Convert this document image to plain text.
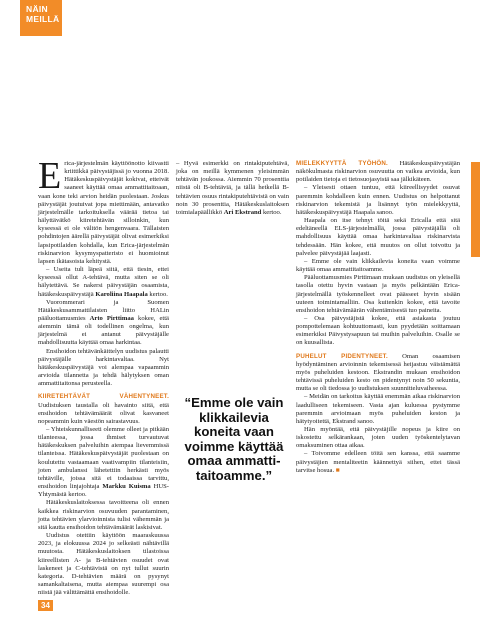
NÄIN
MEILLÄ

Erica-järjestelmän käyttöönotto kiivastti kriittikkä päivystäjissä jo vuonna 2018. Hätäkeskuspäivystäjät kokivat, etteivät saaneet käyttää omaa ammattitaitoaan, vaan kone teki arvion heidän puolestaan. Joskus päivystäjät joutuivat jopa miettimään, antavatko järjestelmälle tarkoituksella väärää tietoa tai hälyttävätkö kiiretehtävän silloinkin, kun kyseessä ei ole välitön hengenvaara. Tällaisten pohdintojen äärellä päivystäjät olivat esimerkiksi lapsipotilaiden kohdalla, kun Erica-järjestelmän riskinarvion kysymyspatteristo ei huomioinut lapsen ikätasoista kehitystä.

– Useita tuli läpeä siitä, että tiesin, ettei kyseessä ollut A-tehtävä, mutta siten se oli hälytettävä. Se nakersi päivystäjän osaamista, hätäkeskuspäivystäjä Karoliina Haapala kertoo.

Vuorommerari ja Suomen Hätäkeskusammattilaisten liitto HALin pääluottamusmies Arto Pirttimaa kokee, että aiemmin tämä oli todellinen ongelma, kun järjestelmä ei antanut päivystäjälle mahdollisuutta käyttää omaa harkintaa.

Ensihoidon tehtävänkäittelyn uudistus palautti päivystäjälle harkintavaltaa. Nyt hätäkeskuspäivystäjä voi alempaa vapaammin arvioida tilannetta ja tehdä hälytyksen oman ammattitaitonsa perusteella.

KIIRETEHTÄVÄT VÄHENTYNEET. Uudistuksen taustalla oli havainto siitä, että ensihoidon tehtävämäärät olivat kasvaneet nopeammin kuin väestön sairastavuus.

– Yhteiskunnalliseeti olemme olleet ja pitkään tilanteessa, jossa ihmiset turvautuvat hätäkeskuksen palveluihin aiempaa lievemmissä tilanteissa. Hätäkeskuspäivystäjät puolestaan on koulutettu vastaamaan vaativampiin tilanteisiin, joten ambulanssi lähetettiin herkästi myös tehtäville, joissa sitä ei todaaissa tarvittu, ensihoidon linjajohtaja Markku Kuisma HUS-Yhtymästä kertoo.

Hätäkeskuslaitoksessa tavoitteena oli ennen kaikkea riskinarvion osuvuuden parantaminen, jotta tehtävien ylarvioinnista tulisi vähemmän ja sitä kautta ensihoidon tehtävämäärät laskisivat.

Uudistus otettiin käyttöön maaraskuussa 2023, ja elokuussa 2024 jo selkeästi nähtävillä muutosta. Hätäkeskuslaitoksen tilastoissa kiireellisten A- ja B-tehtävien osuudet ovat laskeneet ja C-tehtävistä on nyt tullut suurin kategoria. D-tehtävien määrä on pysynyt samankaltaisena, mutta aiempaa suurempi osa niistä jää välittämättä ensihoidolle.

– Hyvä esimerkki on rintakiputehtävä, joka on meillä kymmenen yleisimmän tehtävän joukossa. Aiemmin 70 prosenttia niistä oli B-tehtäviä, ja tällä hetkellä B-tehtävien osuus rintakiputehtävistä on vain noin 30 prosenttia, Hätäkeskuslaitoksen toimialapäällikkö Ari Ekstrand kertoo.

MIELEKKYYTTÄ TYÖHÖN. Hätäkeskuspäivystäjän näkökulmasta riskinarvion osuvuutta on vaikea arvioida, kun potilaiden tietoja ei tietosuojasyistä saa jälkikäteen.

– Yleisesti ottaen tuntuu, että kiireellisyydet osuvat paremmin kohdalleen kuin ennen. Uudistus on helpottanut riskinarvion tekemistä ja lisännyt työn mielekkyyttä, hätäkeskuspäivystäjä Haapala sanoo.

Haapala on itse tehnyt töitä sekä Ericalla että sitä edeltäneellä ELS-järjestelmällä, jossa päivystäjällä oli mahdollisuus käyttää omaa harkintavaltaa riskinarvista tehdessään. Hän kokee, että muutos on ollut toivottu ja palvelee päivystäjää laajasti.

– Emme ole vain klikkailevia koneita vaan voimme käyttää omaa ammattitaitoamme.

Pääluottamusmies Pirttimaan mukaan uudistus on yleisellä tasolla otettu hyvin vastaan ja myös pelkäntään Erica-järjestelmällä työskennelleet ovat päässeet hyvin sisään uuteen toimintamalliin. Osa kuitenkin kokee, että tavoite ensihoidon tehtävämäärän vähentämisestä tuo paineita.

– Osa päivystäjistä kokee, että asiakasta joutuu pompottelemaan kohtuuttomasti, kun pyydetään soittamaan esimerkiksi Päivystysapuun tai muihin palveluihin. Osalle se on kuusallista.

PUHELUT PIDENTYNEET. Oman osaamisen hyödyntäminen arvioinnin tekemisessä heijastuu väistämättä myös puheluiden kestoon. Ekstrandin mukaan ensihoidon tehtävissä puheluiden kesto on pidentynyt noin 50 sekuntia, mutta se oli tiedossa jo uudistuksen suunnitteluvaiheessa.

– Meidän on tarkoitus käyttää enemmän aikaa riskinarvion laadulliseen tekemiseen. Vasta ajan kuluessa pystymme paremmin arvioimaan myös puheluiden keston ja hätytyoitettä, Ekstrand sanoo.

Hän myöntää, että päivystäjille nopeus ja kiire on iskostettu selkärankaan, joten uuden työskentelytavan omaksuminen ottaa aikaa.

– Toivomme edelleen töitä sen kanssa, että saamme päivystäjien mentaliteetin käännettyä siihen, ettei tässä tarvitse hosua. ■

“Emme ole vain klikkailevia koneita vaan voimme käyttää omaa ammatti-taitoamme.”
34
